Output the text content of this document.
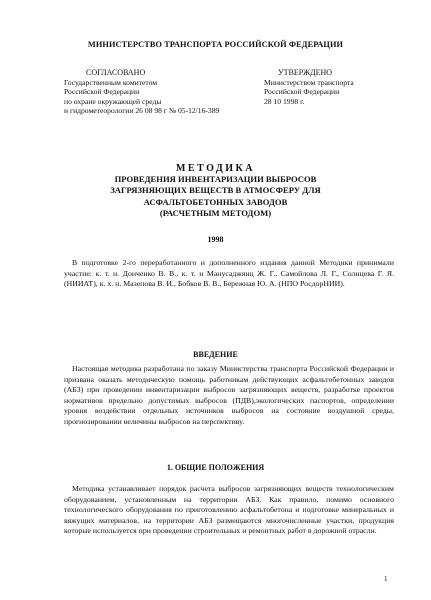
МИНИСТЕРСТВО ТРАНСПОРТА РОССИЙСКОЙ ФЕДЕРАЦИИ
СОГЛАСОВАНО
Государственным комитетом
Российской Федерации
по охране окружающей среды
и гидрометеорологии 26 08 98 г № 05-12/16-389
УТВЕРЖДЕНО
Министерством транспорта
Российской Федерации
28 10 1998 г.
МЕТОДИКА
ПРОВЕДЕНИЯ ИНВЕНТАРИЗАЦИИ ВЫБРОСОВ
ЗАГРЯЗНЯЮЩИХ ВЕЩЕСТВ В АТМОСФЕРУ ДЛЯ
АСФАЛЬТОБЕТОННЫХ ЗАВОДОВ
(РАСЧЕТНЫМ МЕТОДОМ)
1998
В подготовке 2-го переработанного и дополненного издания данной Методики принимали участие: к. т. н. Донченко В. В., к. т. н Манусаджянц Ж. Г., Самойлова Л. Г., Солнцева Г. Я. (НИИАТ), к. х. н. Мазепова В. И., Бобков В. В., Бережная Ю. А. (НПО РосдорНИИ).
ВВЕДЕНИЕ
Настоящая методика разработана по заказу Министерства транспорта Российской Федерации и призвана оказать методическую помощь работникам действующих асфальтобетонных заводов (АБЗ) при проведении инвентаризации выбросов загрязняющих веществ, разработке проектов нормативов предельно допустимых выбросов (ПДВ),экологических паспортов, определении уровня воздействия отдельных источников выбросов на состояние воздушной среды, прогнозировании величины выбросов на перспективу.
1. ОБЩИЕ ПОЛОЖЕНИЯ
Методика устанавливает порядок расчета выбросов загрязняющих веществ технологическим оборудованием, установленным на территории АБЗ. Как правило, помимо основного технологического оборудования по приготовлению асфальтобетона и подготовке минеральных и вяжущих материалов, на территории АБЗ размещаются многочисленные участки, продукция которые используется при проведении строительных и ремонтных работ в дорожной отрасли.
1
